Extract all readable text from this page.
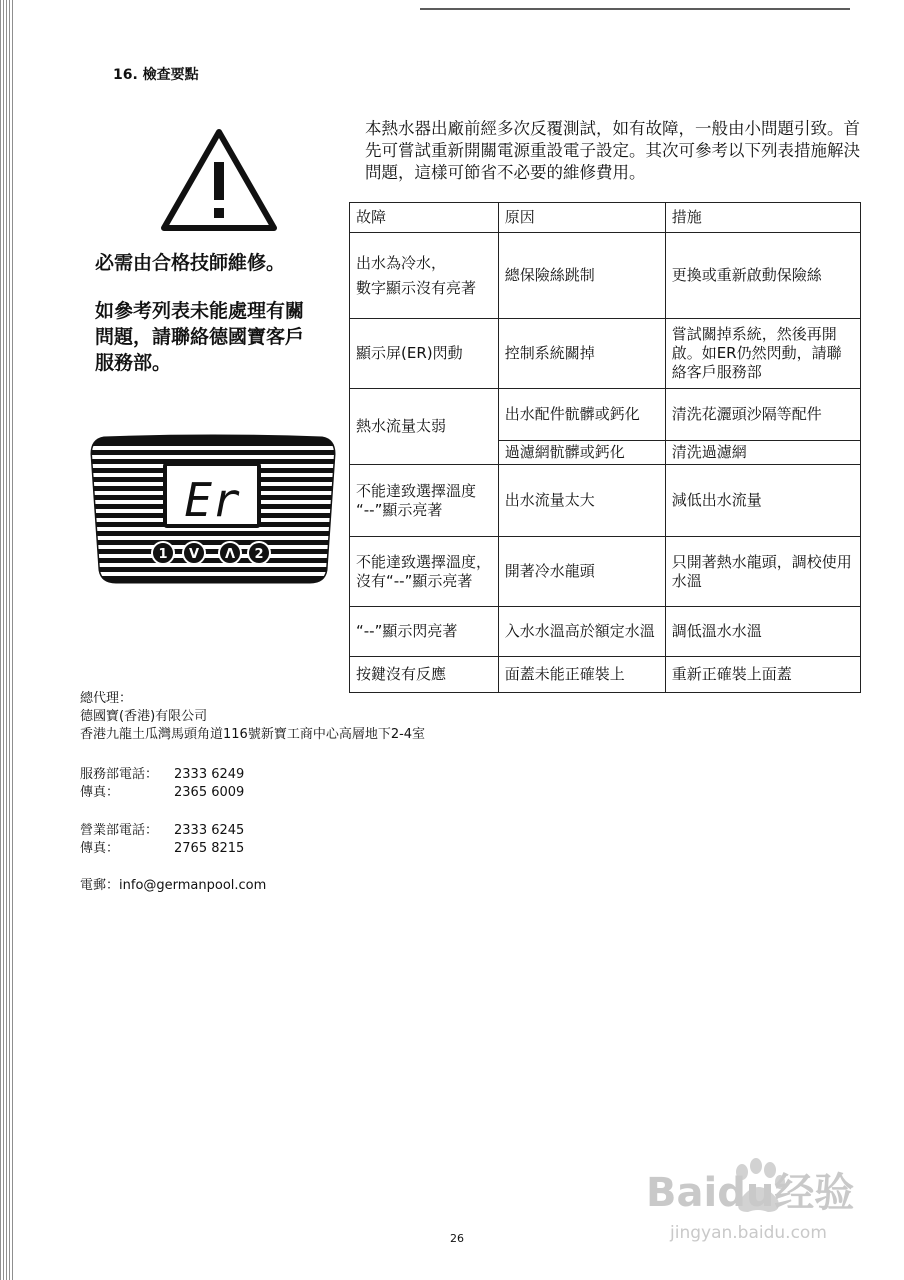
16. 檢查要點
必需由合格技師維修。
如參考列表未能處理有關
問題，請聯絡德國寶客戶
服務部。
本熱水器出廠前經多次反覆測試，如有故障，一般由小問題引致。首先可嘗試重新開關電源重設電子設定。其次可參考以下列表措施解決問題，這樣可節省不必要的維修費用。
故障	原因	措施

出水為冷水，
數字顯示沒有亮著	總保險絲跳制	更換或重新啟動保險絲
顯示屏(ER)閃動	控制系統關掉	嘗試關掉系統，然後再開啟。如ER仍然閃動，請聯絡客戶服務部
熱水流量太弱	出水配件骯髒或鈣化	清洗花灑頭沙隔等配件
	過濾網骯髒或鈣化	清洗過濾網

不能達致選擇溫度
“--”顯示亮著	出水流量太大	減低出水流量
不能達致選擇溫度，沒有“--”顯示亮著	開著冷水龍頭	只開著熱水龍頭，調校使用水溫
“--”顯示閃亮著	入水水溫高於額定水溫	調低溫水水溫
按鍵沒有反應	面蓋未能正確裝上	重新正確裝上面蓋
Er
1 V Λ 2
總代理：
德國寶(香港)有限公司
香港九龍土瓜灣馬頭角道116號新寶工商中心高層地下2-4室
服務部電話： 2333 6249
傳真：	2365 6009
營業部電話： 2333 6245
傳真：	2765 8215
電郵：info@germanpool.com
26
Baidu经验
jingyan.baidu.com
